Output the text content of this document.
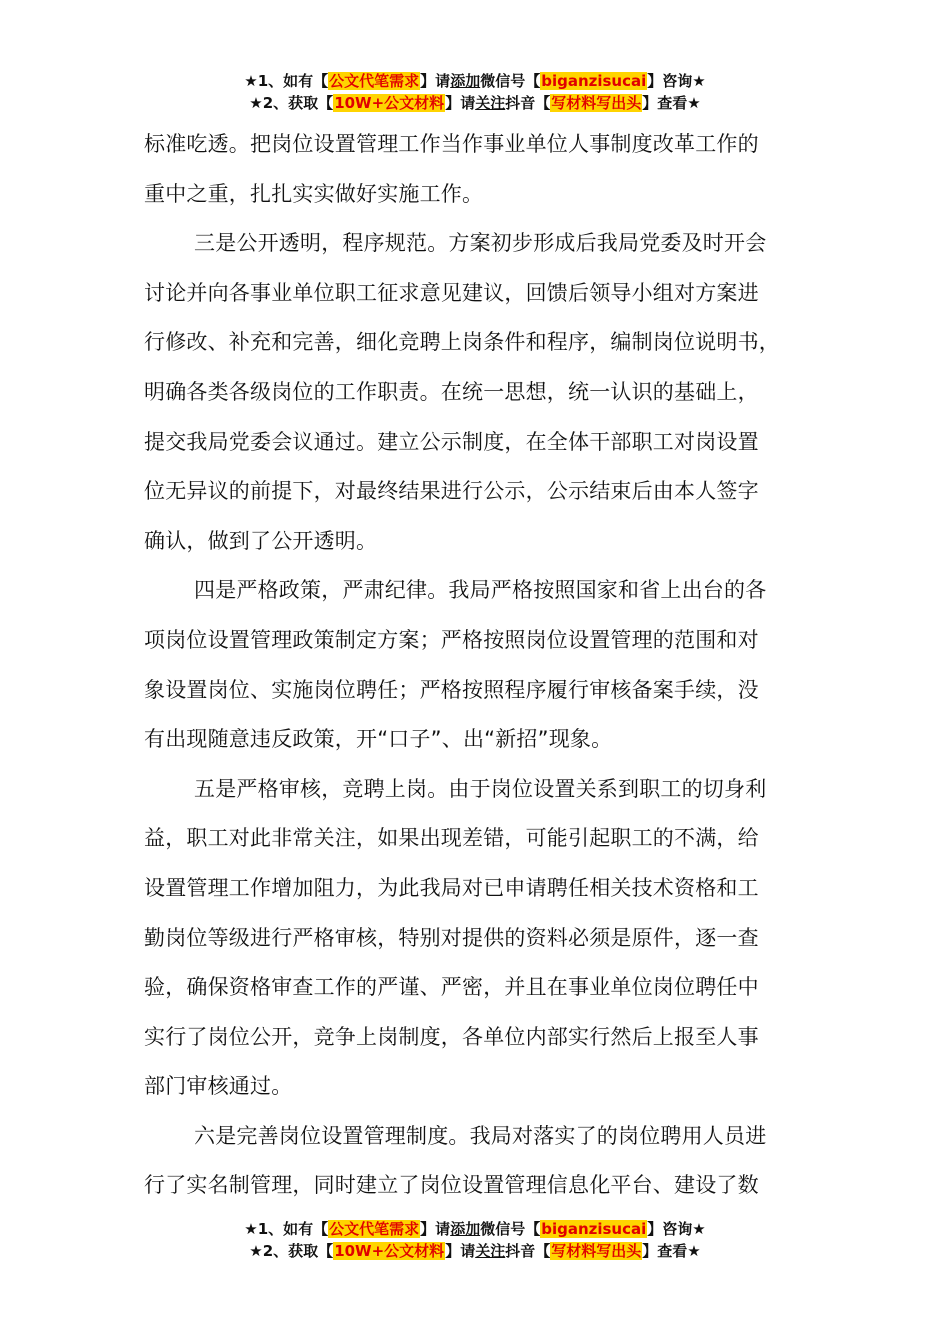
★1、如有【公文代笔需求】请添加微信号【biganzisucai】咨询★
★2、获取【10W+公文材料】请关注抖音【写材料写出头】查看★
标准吃透。把岗位设置管理工作当作事业单位人事制度改革工作的
重中之重，扎扎实实做好实施工作。
三是公开透明，程序规范。方案初步形成后我局党委及时开会
讨论并向各事业单位职工征求意见建议，回馈后领导小组对方案进
行修改、补充和完善，细化竞聘上岗条件和程序，编制岗位说明书，
明确各类各级岗位的工作职责。在统一思想，统一认识的基础上，
提交我局党委会议通过。建立公示制度，在全体干部职工对岗设置
位无异议的前提下，对最终结果进行公示，公示结束后由本人签字
确认，做到了公开透明。
四是严格政策，严肃纪律。我局严格按照国家和省上出台的各
项岗位设置管理政策制定方案；严格按照岗位设置管理的范围和对
象设置岗位、实施岗位聘任；严格按照程序履行审核备案手续，没
有出现随意违反政策，开“口子”、出“新招”现象。
五是严格审核，竞聘上岗。由于岗位设置关系到职工的切身利
益，职工对此非常关注，如果出现差错，可能引起职工的不满，给
设置管理工作增加阻力，为此我局对已申请聘任相关技术资格和工
勤岗位等级进行严格审核，特别对提供的资料必须是原件，逐一查
验，确保资格审查工作的严谨、严密，并且在事业单位岗位聘任中
实行了岗位公开，竞争上岗制度，各单位内部实行然后上报至人事
部门审核通过。
六是完善岗位设置管理制度。我局对落实了的岗位聘用人员进
行了实名制管理，同时建立了岗位设置管理信息化平台、建设了数
★1、如有【公文代笔需求】请添加微信号【biganzisucai】咨询★
★2、获取【10W+公文材料】请关注抖音【写材料写出头】查看★
